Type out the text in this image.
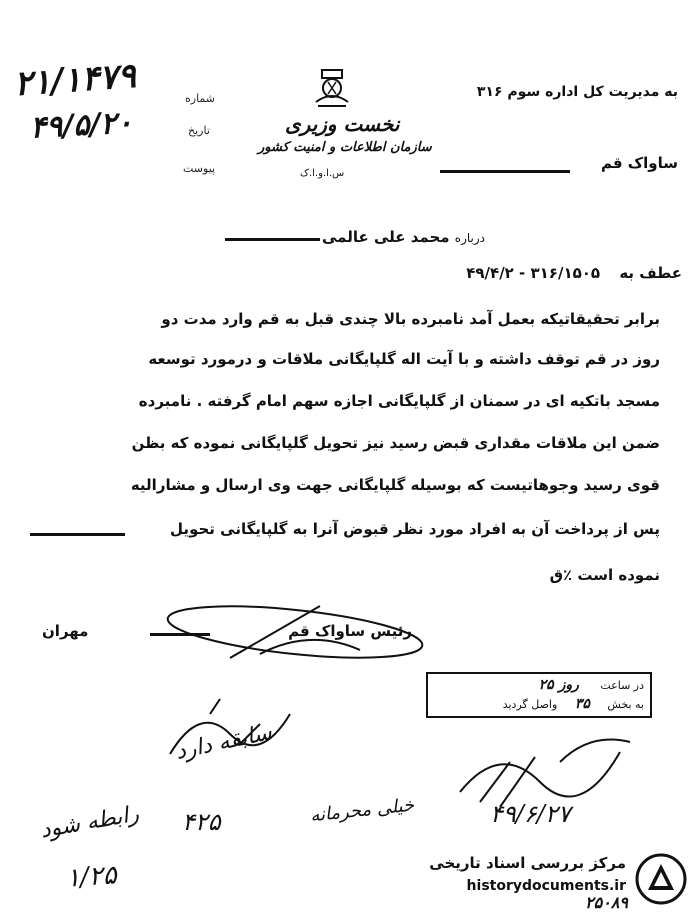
۲۱/۱۴۷۹
۴۹/۵/۲۰
شماره
تاریخ
پیوست
نخست وزیری
سازمان اطلاعات و امنیت کشور
س.ا.و.ا.ک
به مدیریت کل اداره سوم ۳۱۶
ساواک قم
درباره محمد علی عالمی
عطف به ۳۱۶/۱۵۰۵ - ۴۹/۴/۲
برابر تحقیقاتیکه بعمل آمد نامبرده بالا چندی قبل به قم وارد مدت دو
روز در قم توقف داشته و با آیت اله گلپایگانی ملاقات و درمورد توسعه
مسجد باتکیه ای در سمنان از گلپایگانی اجازه سهم امام گرفته . نامبرده
ضمن این ملاقات مقداری قبض رسید نیز تحویل گلپایگانی نموده که بظن
قوی رسید وجوهاتیست که بوسیله گلپایگانی جهت وی ارسال و مشارالیه
پس از پرداخت آن به افراد مورد نظر قبوض آنرا به گلپایگانی تحویل
نموده است ٪ق
رئیس ساواک قم
مهران
در ساعت روز ۲۵
به بخش ۳۵ واصل گردید
سابقه دارد
۴۲۵
رابطه شود
۱/۲۵
خیلی محرمانه	۴۹/۶/۲۷
مرکز بررسی اسناد تاریخی
historydocuments.ir
۲۵۰۸۹
